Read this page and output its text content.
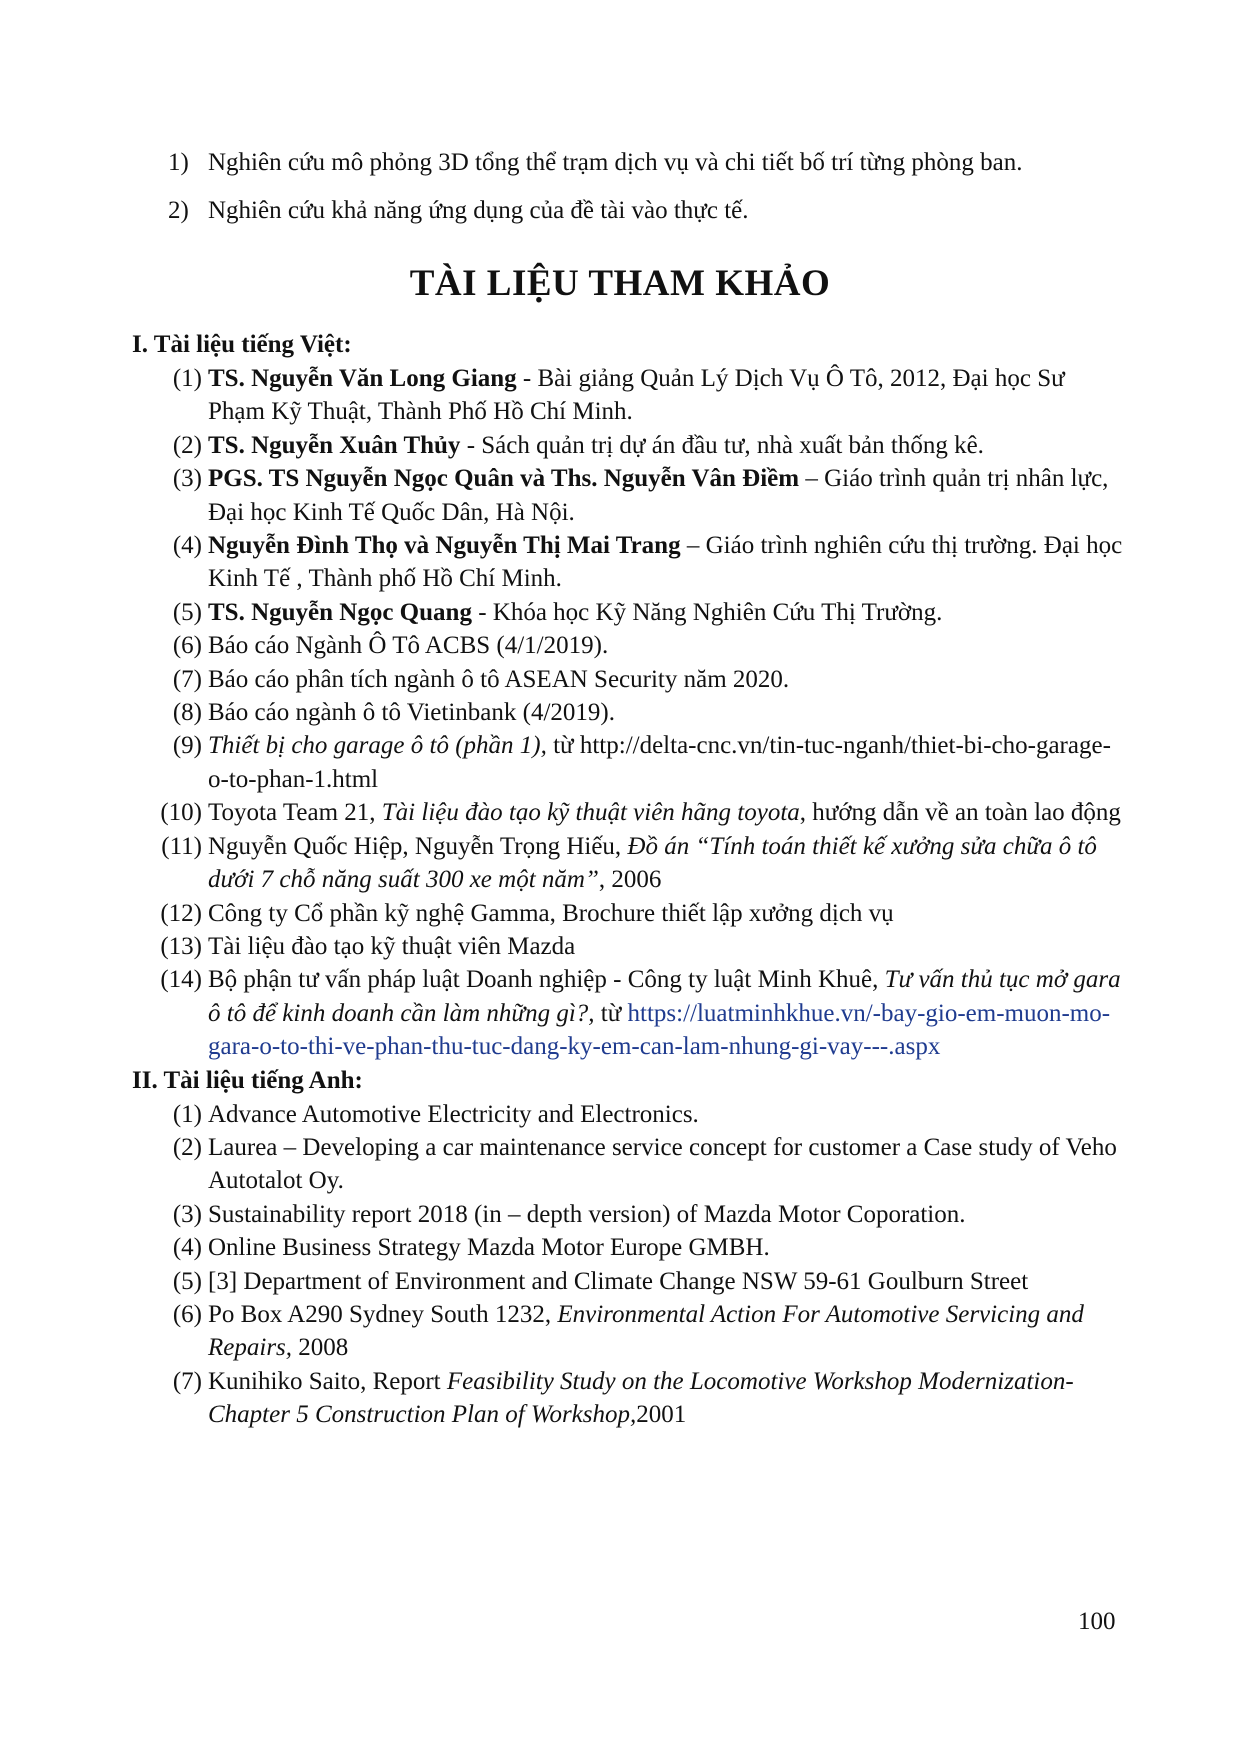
1) Nghiên cứu mô phỏng 3D tổng thể trạm dịch vụ và chi tiết bố trí từng phòng ban.
2) Nghiên cứu khả năng ứng dụng của đề tài vào thực tế.
TÀI LIỆU THAM KHẢO
I. Tài liệu tiếng Việt:
(1) TS. Nguyễn Văn Long Giang - Bài giảng Quản Lý Dịch Vụ Ô Tô, 2012, Đại học Sư Phạm Kỹ Thuật, Thành Phố Hồ Chí Minh.
(2) TS. Nguyễn Xuân Thủy - Sách quản trị dự án đầu tư, nhà xuất bản thống kê.
(3) PGS. TS Nguyễn Ngọc Quân và Ths. Nguyễn Vân Điềm – Giáo trình quản trị nhân lực, Đại học Kinh Tế Quốc Dân, Hà Nội.
(4) Nguyễn Đình Thọ và Nguyễn Thị Mai Trang – Giáo trình nghiên cứu thị trường. Đại học Kinh Tế , Thành phố Hồ Chí Minh.
(5) TS. Nguyễn Ngọc Quang - Khóa học Kỹ Năng Nghiên Cứu Thị Trường.
(6) Báo cáo Ngành Ô Tô ACBS (4/1/2019).
(7) Báo cáo phân tích ngành ô tô ASEAN Security năm 2020.
(8) Báo cáo ngành ô tô Vietinbank (4/2019).
(9) Thiết bị cho garage ô tô (phần 1), từ http://delta-cnc.vn/tin-tuc-nganh/thiet-bi-cho-garage-o-to-phan-1.html
(10) Toyota Team 21, Tài liệu đào tạo kỹ thuật viên hãng toyota, hướng dẫn về an toàn lao động
(11) Nguyễn Quốc Hiệp, Nguyễn Trọng Hiếu, Đồ án “Tính toán thiết kế xưởng sửa chữa ô tô dưới 7 chỗ năng suất 300 xe một năm”, 2006
(12) Công ty Cổ phần kỹ nghệ Gamma, Brochure thiết lập xưởng dịch vụ
(13) Tài liệu đào tạo kỹ thuật viên Mazda
(14) Bộ phận tư vấn pháp luật Doanh nghiệp - Công ty luật Minh Khuê, Tư vấn thủ tục mở gara ô tô để kinh doanh cần làm những gì?, từ https://luatminhkhue.vn/-bay-gio-em-muon-mo-gara-o-to-thi-ve-phan-thu-tuc-dang-ky-em-can-lam-nhung-gi-vay---.aspx
II. Tài liệu tiếng Anh:
(1) Advance Automotive Electricity and Electronics.
(2) Laurea – Developing a car maintenance service concept for customer a Case study of Veho Autotalot Oy.
(3) Sustainability report 2018 (in – depth version) of Mazda Motor Coporation.
(4) Online Business Strategy Mazda Motor Europe GMBH.
(5) [3] Department of Environment and Climate Change NSW 59-61 Goulburn Street
(6) Po Box A290 Sydney South 1232, Environmental Action For Automotive Servicing and Repairs, 2008
(7) Kunihiko Saito, Report Feasibility Study on the Locomotive Workshop Modernization-Chapter 5 Construction Plan of Workshop,2001
100
